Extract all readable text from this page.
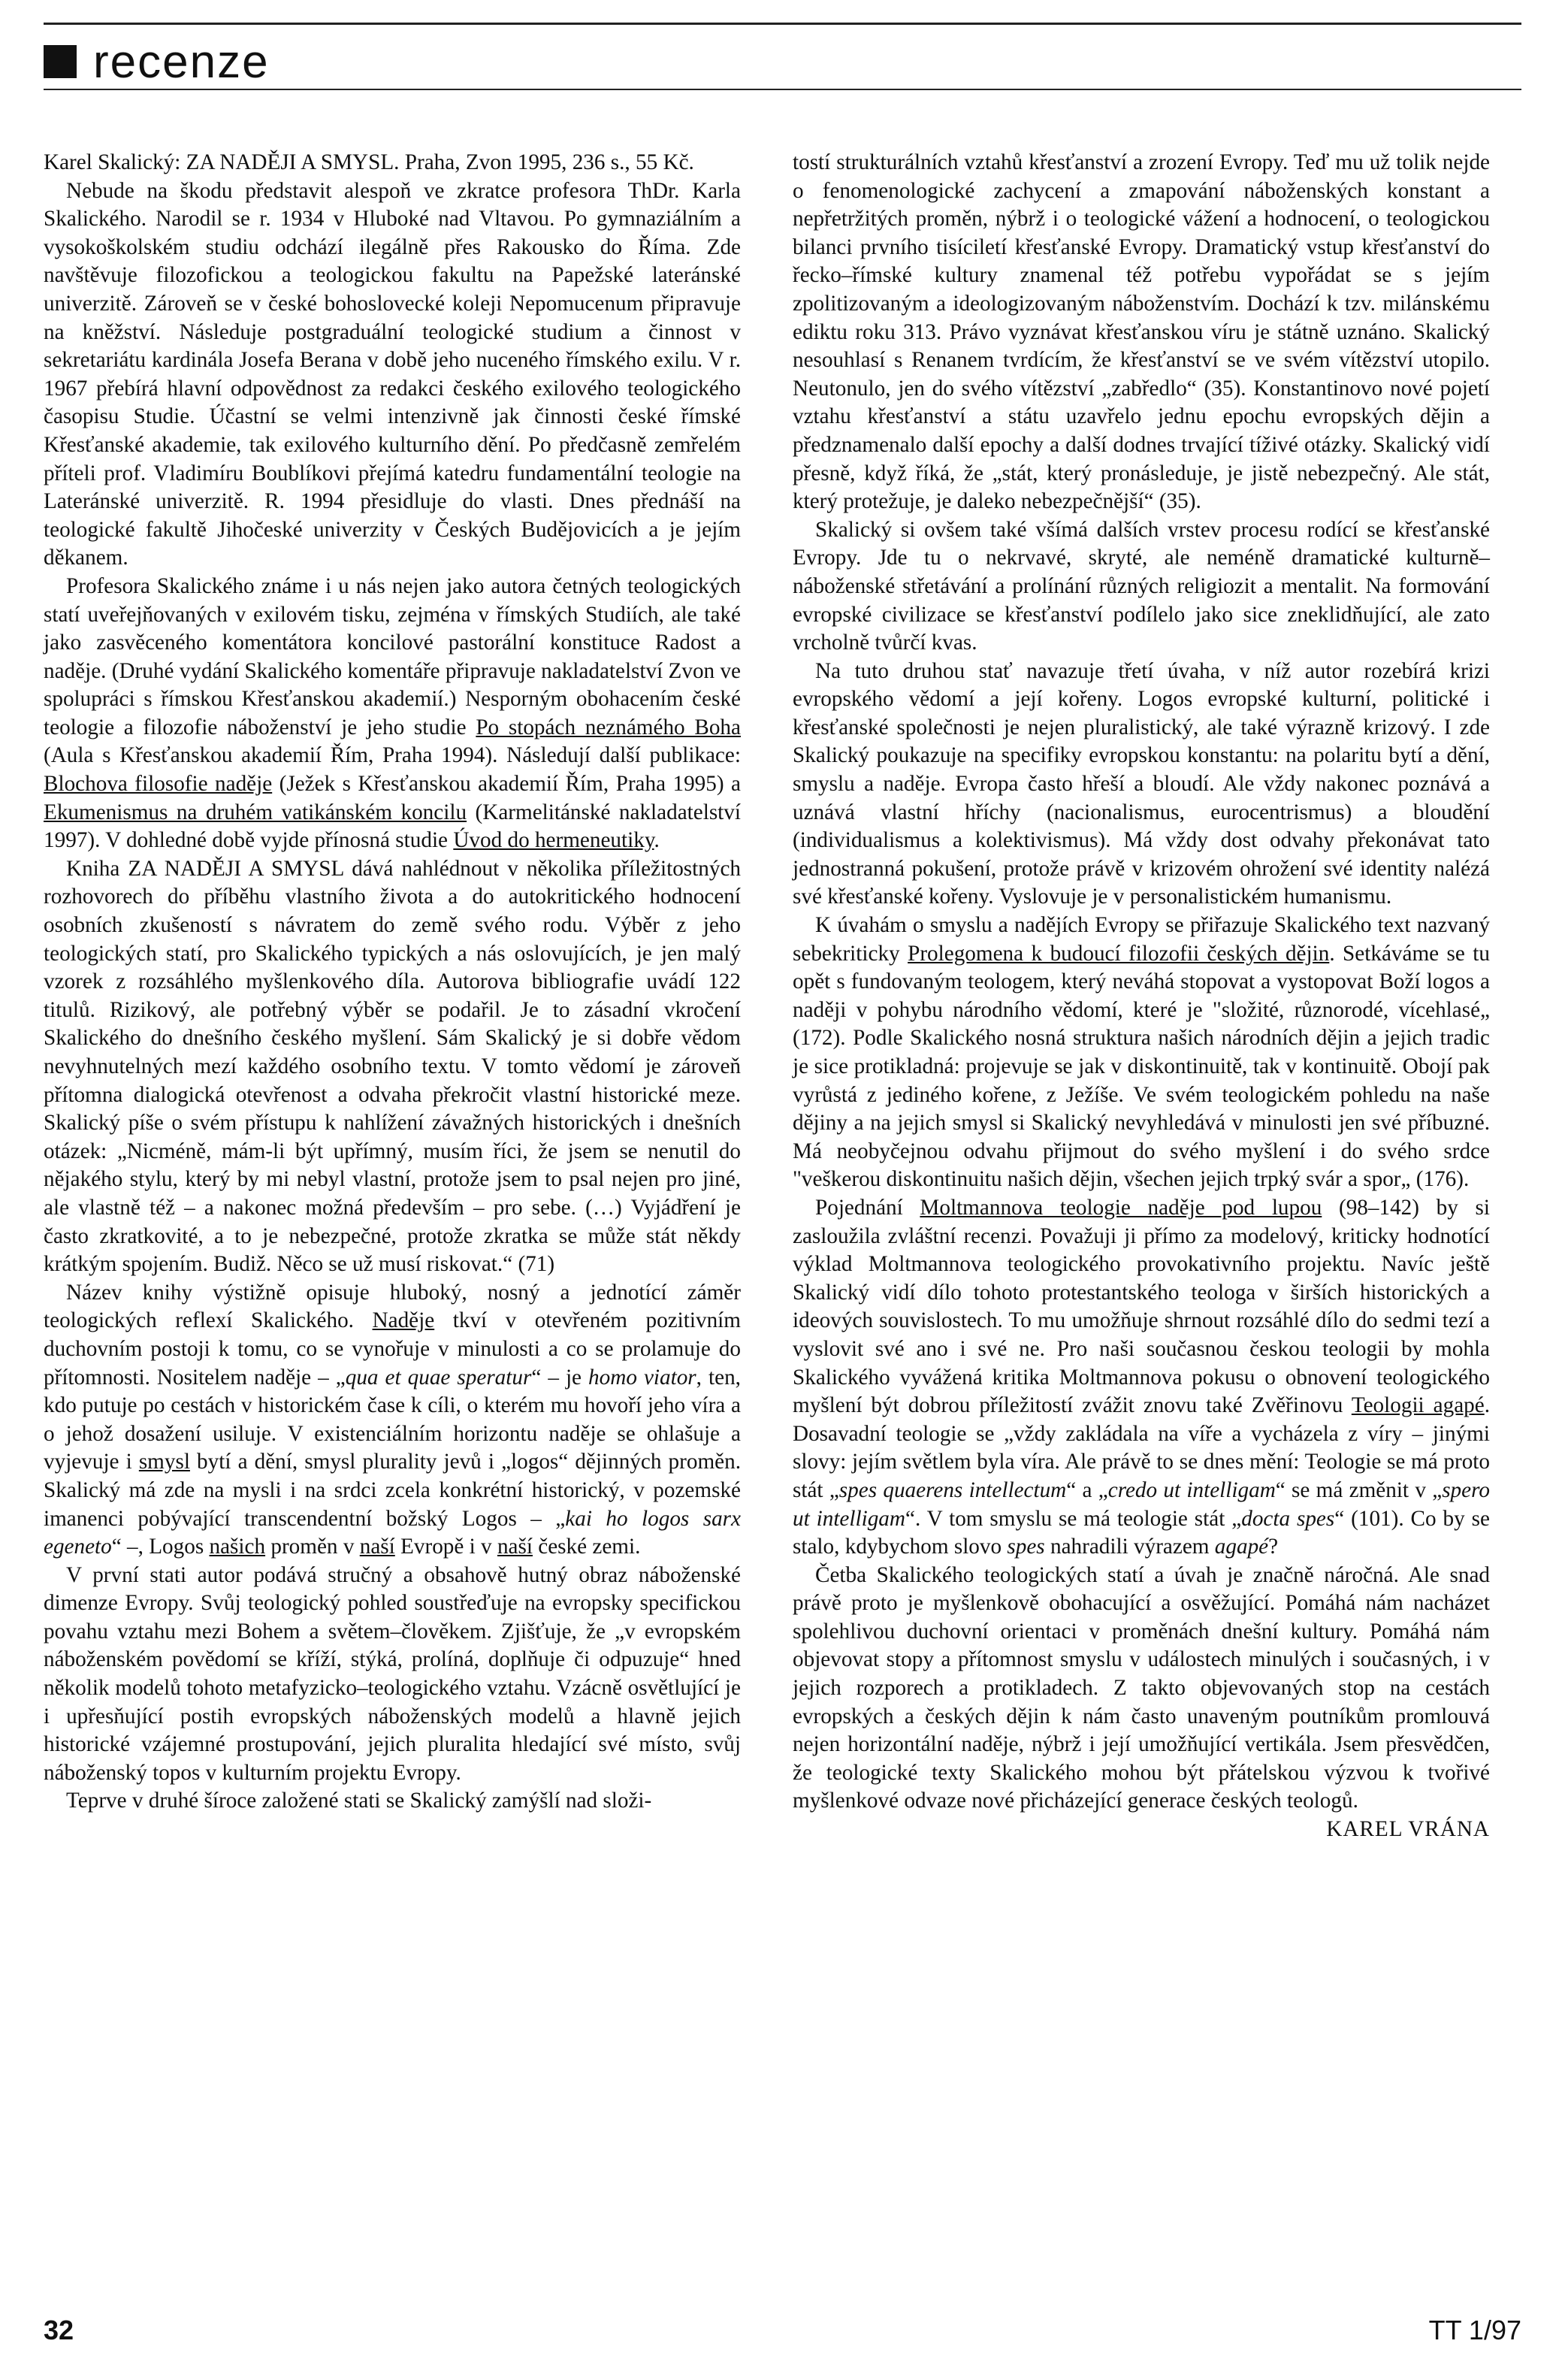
recenze

Karel Skalický: ZA NADĚJI A SMYSL. Praha, Zvon 1995, 236 s., 55 Kč.

Nebude na škodu představit alespoň ve zkratce profesora ThDr. Karla Skalického. Narodil se r. 1934 v Hluboké nad Vltavou. Po gymnaziálním a vysokoškolském studiu odchází ilegálně přes Rakousko do Říma. Zde navštěvuje filozofickou a teologickou fakultu na Papežské lateránské univerzitě. Zároveň se v české bohoslovecké koleji Nepomucenum připravuje na kněžství. Následuje postgraduální teologické studium a činnost v sekretariátu kardinála Josefa Berana v době jeho nuceného římského exilu. V r. 1967 přebírá hlavní odpovědnost za redakci českého exilového teologického časopisu Studie. Účastní se velmi intenzivně jak činnosti české římské Křesťanské akademie, tak exilového kulturního dění. Po předčasně zemřelém příteli prof. Vladimíru Boublíkovi přejímá katedru fundamentální teologie na Lateránské univerzitě. R. 1994 přesidluje do vlasti. Dnes přednáší na teologické fakultě Jihočeské univerzity v Českých Budějovicích a je jejím děkanem.

Profesora Skalického známe i u nás nejen jako autora četných teologických statí uveřejňovaných v exilovém tisku, zejména v římských Studiích, ale také jako zasvěceného komentátora koncilové pastorální konstituce Radost a naděje. (Druhé vydání Skalického komentáře připravuje nakladatelství Zvon ve spolupráci s římskou Křesťanskou akademií.) Nesporným obohacením české teologie a filozofie náboženství je jeho studie Po stopách neznámého Boha (Aula s Křesťanskou akademií Řím, Praha 1994). Následují další publikace: Blochova filosofie naděje (Ježek s Křesťanskou akademií Řím, Praha 1995) a Ekumenismus na druhém vatikánském koncilu (Karmelitánské nakladatelství 1997). V dohledné době vyjde přínosná studie Úvod do hermeneutiky.

Kniha ZA NADĚJI A SMYSL dává nahlédnout v několika příležitostných rozhovorech do příběhu vlastního života a do autokritického hodnocení osobních zkušeností s návratem do země svého rodu. Výběr z jeho teologických statí, pro Skalického typických a nás oslovujících, je jen malý vzorek z rozsáhlého myšlenkového díla. Autorova bibliografie uvádí 122 titulů. Rizikový, ale potřebný výběr se podařil. Je to zásadní vkročení Skalického do dnešního českého myšlení. Sám Skalický je si dobře vědom nevyhnutelných mezí každého osobního textu. V tomto vědomí je zároveň přítomna dialogická otevřenost a odvaha překročit vlastní historické meze. Skalický píše o svém přístupu k nahlížení závažných historických i dnešních otázek: „Nicméně, mám-li být upřímný, musím říci, že jsem se nenutil do nějakého stylu, který by mi nebyl vlastní, protože jsem to psal nejen pro jiné, ale vlastně též – a nakonec možná především – pro sebe. (…) Vyjádření je často zkratkovité, a to je nebezpečné, protože zkratka se může stát někdy krátkým spojením. Budiž. Něco se už musí riskovat.“ (71)

Název knihy výstižně opisuje hluboký, nosný a jednotící záměr teologických reflexí Skalického. Naděje tkví v otevřeném pozitivním duchovním postoji k tomu, co se vynořuje v minulosti a co se prolamuje do přítomnosti. Nositelem naděje – „qua et quae speratur“ – je homo viator, ten, kdo putuje po cestách v historickém čase k cíli, o kterém mu hovoří jeho víra a o jehož dosažení usiluje. V existenciálním horizontu naděje se ohlašuje a vyjevuje i smysl bytí a dění, smysl plurality jevů i „logos“ dějinných proměn. Skalický má zde na mysli i na srdci zcela konkrétní historický, v pozemské imanenci pobývající transcendentní božský Logos – „kai ho logos sarx egeneto“ –, Logos našich proměn v naší Evropě i v naší české zemi.

V první stati autor podává stručný a obsahově hutný obraz náboženské dimenze Evropy. Svůj teologický pohled soustřeďuje na evropsky specifickou povahu vztahu mezi Bohem a světem–člověkem. Zjišťuje, že „v evropském náboženském povědomí se kříží, stýká, prolíná, doplňuje či odpuzuje“ hned několik modelů tohoto metafyzicko–teologického vztahu. Vzácně osvětlující je i upřesňující postih evropských náboženských modelů a hlavně jejich historické vzájemné prostupování, jejich pluralita hledající své místo, svůj náboženský topos v kulturním projektu Evropy.

Teprve v druhé šíroce založené stati se Skalický zamýšlí nad složi-

tostí strukturálních vztahů křesťanství a zrození Evropy. Teď mu už tolik nejde o fenomenologické zachycení a zmapování náboženských konstant a nepřetržitých proměn, nýbrž i o teologické vážení a hodnocení, o teologickou bilanci prvního tisíciletí křesťanské Evropy. Dramatický vstup křesťanství do řecko–římské kultury znamenal též potřebu vypořádat se s jejím zpolitizovaným a ideologizovaným náboženstvím. Dochází k tzv. milánskému ediktu roku 313. Právo vyznávat křesťanskou víru je státně uznáno. Skalický nesouhlasí s Renanem tvrdícím, že křesťanství se ve svém vítězství utopilo. Neutonulo, jen do svého vítězství „zabředlo“ (35). Konstantinovo nové pojetí vztahu křesťanství a státu uzavřelo jednu epochu evropských dějin a předznamenalo další epochy a další dodnes trvající tíživé otázky. Skalický vidí přesně, když říká, že „stát, který pronásleduje, je jistě nebezpečný. Ale stát, který protežuje, je daleko nebezpečnější“ (35).

Skalický si ovšem také všímá dalších vrstev procesu rodící se křesťanské Evropy. Jde tu o nekrvavé, skryté, ale neméně dramatické kulturně–náboženské střetávání a prolínání různých religiozit a mentalit. Na formování evropské civilizace se křesťanství podílelo jako sice zneklidňující, ale zato vrcholně tvůrčí kvas.

Na tuto druhou stať navazuje třetí úvaha, v níž autor rozebírá krizi evropského vědomí a její kořeny. Logos evropské kulturní, politické i křesťanské společnosti je nejen pluralistický, ale také výrazně krizový. I zde Skalický poukazuje na specifiky evropskou konstantu: na polaritu bytí a dění, smyslu a naděje. Evropa často hřeší a bloudí. Ale vždy nakonec poznává a uznává vlastní hříchy (nacionalismus, eurocentrismus) a bloudění (individualismus a kolektivismus). Má vždy dost odvahy překonávat tato jednostranná pokušení, protože právě v krizovém ohrožení své identity nalézá své křesťanské kořeny. Vyslovuje je v personalistickém humanismu.

K úvahám o smyslu a nadějích Evropy se přiřazuje Skalického text nazvaný sebekriticky Prolegomena k budoucí filozofii českých dějin. Setkáváme se tu opět s fundovaným teologem, který neváhá stopovat a vystopovat Boží logos a naději v pohybu národního vědomí, které je "složité, různorodé, vícehlasé„ (172). Podle Skalického nosná struktura našich národních dějin a jejich tradic je sice protikladná: projevuje se jak v diskontinuitě, tak v kontinuitě. Obojí pak vyrůstá z jediného kořene, z Ježíše. Ve svém teologickém pohledu na naše dějiny a na jejich smysl si Skalický nevyhledává v minulosti jen své příbuzné. Má neobyčejnou odvahu přijmout do svého myšlení i do svého srdce "veškerou diskontinuitu našich dějin, všechen jejich trpký svár a spor„ (176).

Pojednání Moltmannova teologie naděje pod lupou (98–142) by si zasloužila zvláštní recenzi. Považuji ji přímo za modelový, kriticky hodnotící výklad Moltmannova teologického provokativního projektu. Navíc ještě Skalický vidí dílo tohoto protestantského teologa v širších historických a ideových souvislostech. To mu umožňuje shrnout rozsáhlé dílo do sedmi tezí a vyslovit své ano i své ne. Pro naši současnou českou teologii by mohla Skalického vyvážená kritika Moltmannova pokusu o obnovení teologického myšlení být dobrou příležitostí zvážit znovu také Zvěřinovu Teologii agapé. Dosavadní teologie se „vždy zakládala na víře a vycházela z víry – jinými slovy: jejím světlem byla víra. Ale právě to se dnes mění: Teologie se má proto stát „spes quaerens intellectum“ a „credo ut intelligam“ se má změnit v „spero ut intelligam“. V tom smyslu se má teologie stát „docta spes“ (101). Co by se stalo, kdybychom slovo spes nahradili výrazem agapé?

Četba Skalického teologických statí a úvah je značně náročná. Ale snad právě proto je myšlenkově obohacující a osvěžující. Pomáhá nám nacházet spolehlivou duchovní orientaci v proměnách dnešní kultury. Pomáhá nám objevovat stopy a přítomnost smyslu v událostech minulých i současných, i v jejich rozporech a protikladech. Z takto objevovaných stop na cestách evropských a českých dějin k nám často unaveným poutníkům promlouvá nejen horizontální naděje, nýbrž i její umožňující vertikála. Jsem přesvědčen, že teologické texty Skalického mohou být přátelskou výzvou k tvořivé myšlenkové odvaze nové přicházející generace českých teologů.

KAREL VRÁNA

32	TT 1/97
